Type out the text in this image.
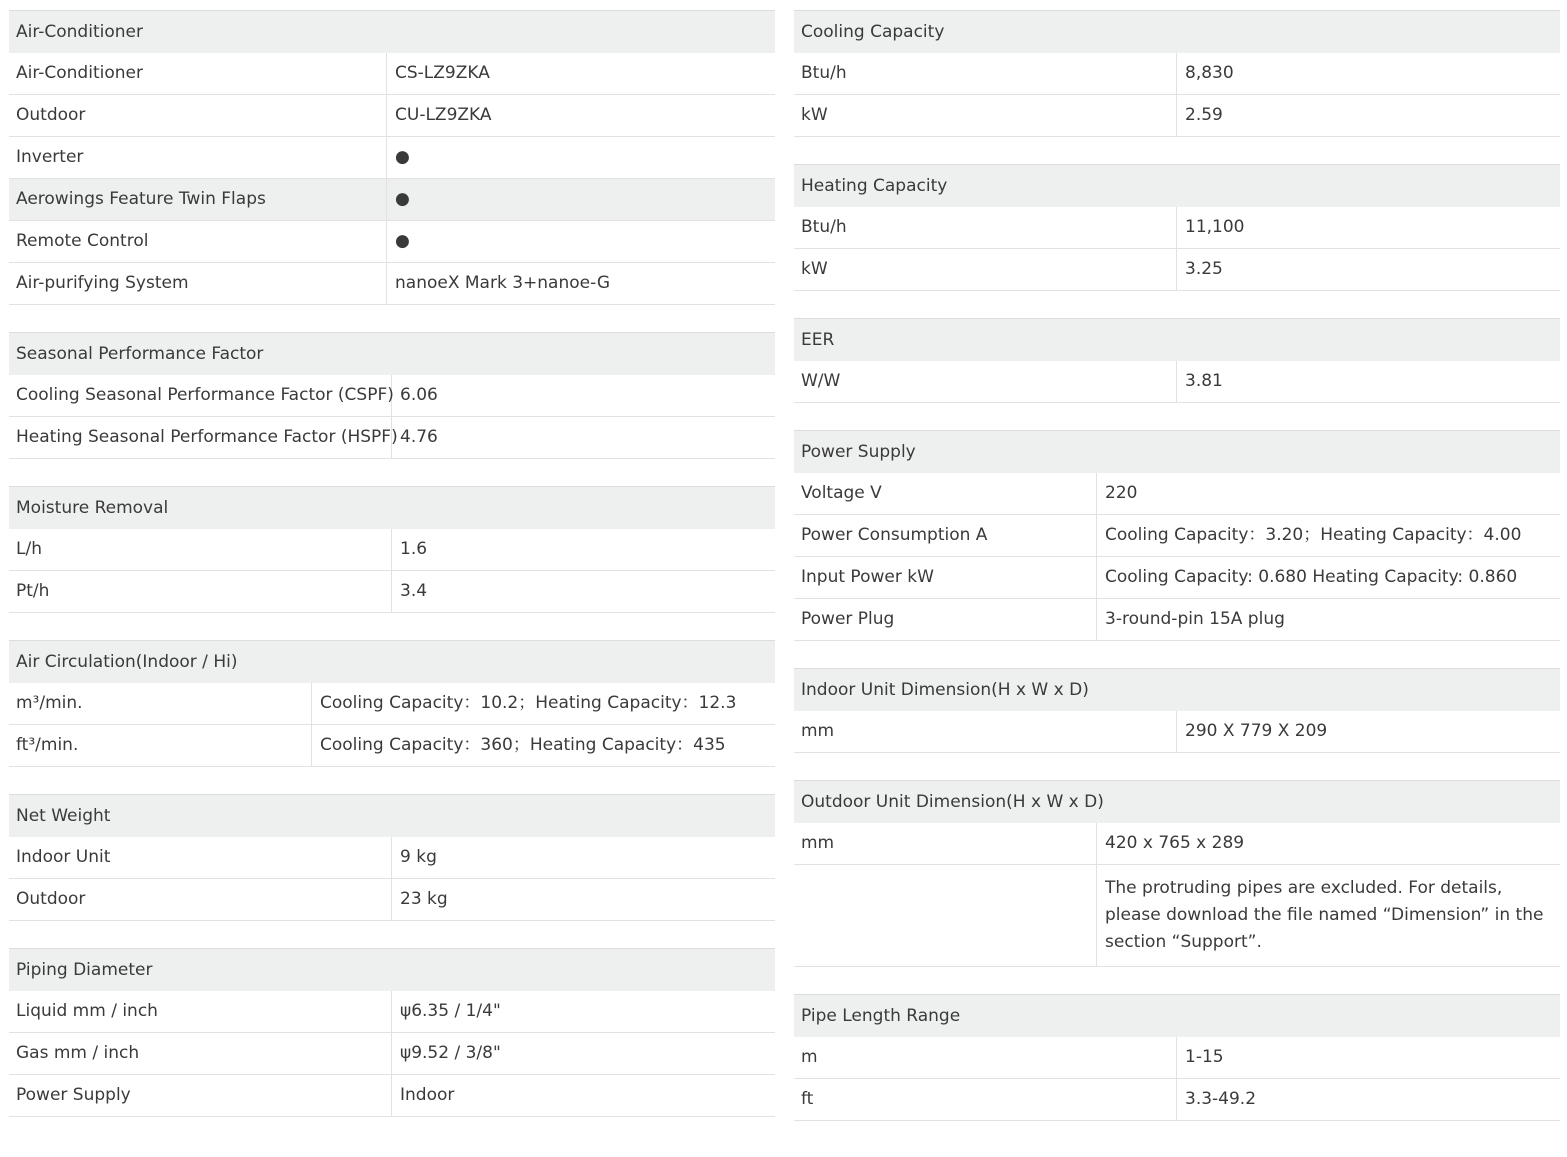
Air-Conditioner
Air-Conditioner	CS-LZ9ZKA
Outdoor	CU-LZ9ZKA
Inverter	●
Aerowings Feature Twin Flaps	●
Remote Control	●
Air-purifying System	nanoeX Mark 3+nanoe-G
Seasonal Performance Factor
Cooling Seasonal Performance Factor (CSPF) 6.06
Heating Seasonal Performance Factor (HSPF) 4.76
Moisture Removal
L/h	1.6
Pt/h	3.4
Air Circulation(Indoor / Hi)
m³/min.	Cooling Capacity：10.2；Heating Capacity：12.3
ft³/min.	Cooling Capacity：360；Heating Capacity：435
Net Weight
Indoor Unit	9 kg
Outdoor	23 kg
Piping Diameter
Liquid mm / inch	ψ6.35 / 1/4"
Gas mm / inch	ψ9.52 / 3/8"
Power Supply	Indoor
Cooling Capacity
Btu/h	8,830
kW	2.59
Heating Capacity
Btu/h	11,100
kW	3.25
EER
W/W	3.81
Power Supply
Voltage V	220
Power Consumption A	Cooling Capacity：3.20；Heating Capacity：4.00
Input Power kW	Cooling Capacity: 0.680 Heating Capacity: 0.860
Power Plug	3-round-pin 15A plug
Indoor Unit Dimension(H x W x D)
mm	290 X 779 X 209
Outdoor Unit Dimension(H x W x D)
mm	420 x 765 x 289
The protruding pipes are excluded. For details, please download the file named “Dimension” in the section “Support”.
Pipe Length Range
m	1-15
ft	3.3-49.2
